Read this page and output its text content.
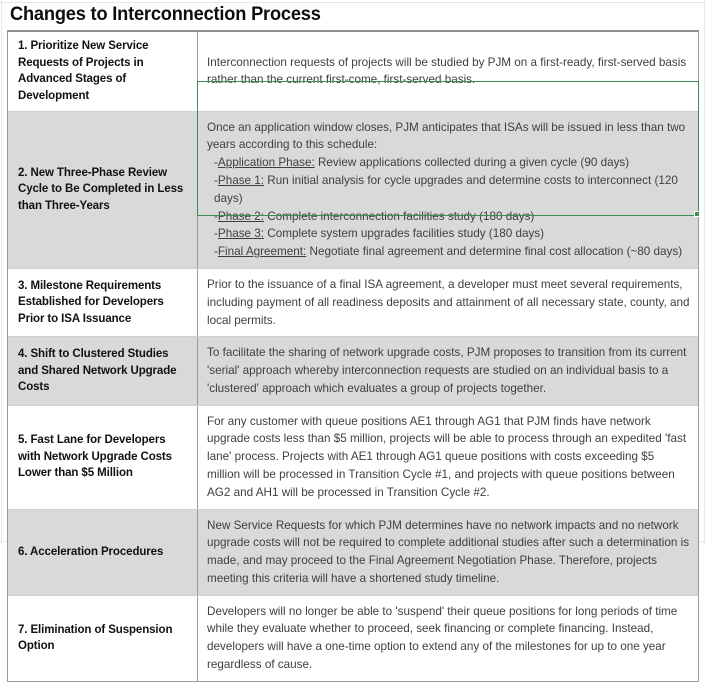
Changes to Interconnection Process
1. Prioritize New Service Requests of Projects in Advanced Stages of Development
Interconnection requests of projects will be studied by PJM on a first-ready, first-served basis rather than the current first-come, first-served basis.
2. New Three-Phase Review Cycle to Be Completed in Less than Three-Years
Once an application window closes, PJM anticipates that ISAs will be issued in less than two years according to this schedule:
-Application Phase: Review applications collected during a given cycle (90 days)
-Phase 1: Run initial analysis for cycle upgrades and determine costs to interconnect (120 days)
-Phase 2: Complete interconnection facilities study (180 days)
-Phase 3: Complete system upgrades facilities study (180 days)
-Final Agreement: Negotiate final agreement and determine final cost allocation (~80 days)
3. Milestone Requirements Established for Developers Prior to ISA Issuance
Prior to the issuance of a final ISA agreement, a developer must meet several requirements, including payment of all readiness deposits and attainment of all necessary state, county, and local permits.
4. Shift to Clustered Studies and Shared Network Upgrade Costs
To facilitate the sharing of network upgrade costs, PJM proposes to transition from its current 'serial' approach whereby interconnection requests are studied on an individual basis to a 'clustered' approach which evaluates a group of projects together.
5. Fast Lane for Developers with Network Upgrade Costs Lower than $5 Million
For any customer with queue positions AE1 through AG1 that PJM finds have network upgrade costs less than $5 million, projects will be able to process through an expedited 'fast lane' process. Projects with AE1 through AG1 queue positions with costs exceeding $5 million will be processed in Transition Cycle #1, and projects with queue positions between AG2 and AH1 will be processed in Transition Cycle #2.
6. Acceleration Procedures
New Service Requests for which PJM determines have no network impacts and no network upgrade costs will not be required to complete additional studies after such a determination is made, and may proceed to the Final Agreement Negotiation Phase. Therefore, projects meeting this criteria will have a shortened study timeline.
7. Elimination of Suspension Option
Developers will no longer be able to 'suspend' their queue positions for long periods of time while they evaluate whether to proceed, seek financing or complete financing. Instead, developers will have a one-time option to extend any of the milestones for up to one year regardless of cause.
